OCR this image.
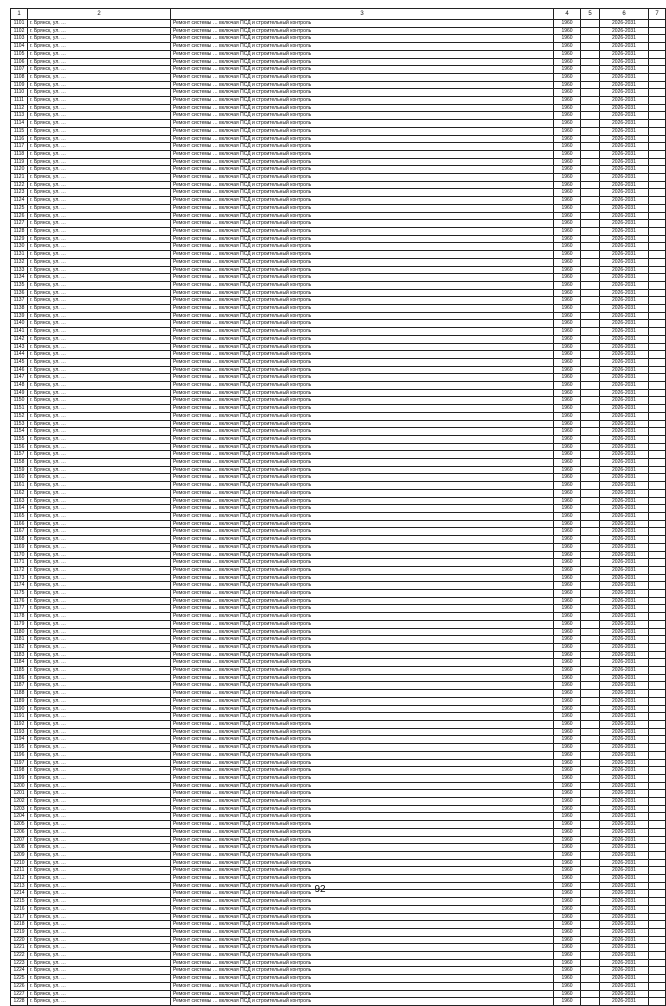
1	2	3	4	5	6	7
1101	г. Брянск, ул. …	Ремонт системы … включая ПСД и строительный контроль	1960		2026-2031	
1102	г. Брянск, ул. …	Ремонт системы … включая ПСД и строительный контроль	1960		2026-2031	
1103	г. Брянск, ул. …	Ремонт системы … включая ПСД и строительный контроль	1960		2026-2031	
1104	г. Брянск, ул. …	Ремонт системы … включая ПСД и строительный контроль	1960		2026-2031	
1105	г. Брянск, ул. …	Ремонт системы … включая ПСД и строительный контроль	1960		2026-2031	
1106	г. Брянск, ул. …	Ремонт системы … включая ПСД и строительный контроль	1960		2026-2031	
1107	г. Брянск, ул. …	Ремонт системы … включая ПСД и строительный контроль	1960		2026-2031	
1108	г. Брянск, ул. …	Ремонт системы … включая ПСД и строительный контроль	1960		2026-2031	
1109	г. Брянск, ул. …	Ремонт системы … включая ПСД и строительный контроль	1960		2026-2031	
1110	г. Брянск, ул. …	Ремонт системы … включая ПСД и строительный контроль	1960		2026-2031	
1111	г. Брянск, ул. …	Ремонт системы … включая ПСД и строительный контроль	1960		2026-2031	
1112	г. Брянск, ул. …	Ремонт системы … включая ПСД и строительный контроль	1960		2026-2031	
1113	г. Брянск, ул. …	Ремонт системы … включая ПСД и строительный контроль	1960		2026-2031	
1114	г. Брянск, ул. …	Ремонт системы … включая ПСД и строительный контроль	1960		2026-2031	
1115	г. Брянск, ул. …	Ремонт системы … включая ПСД и строительный контроль	1960		2026-2031	
1116	г. Брянск, ул. …	Ремонт системы … включая ПСД и строительный контроль	1960		2026-2031	
1117	г. Брянск, ул. …	Ремонт системы … включая ПСД и строительный контроль	1960		2026-2031	
1118	г. Брянск, ул. …	Ремонт системы … включая ПСД и строительный контроль	1960		2026-2031	
1119	г. Брянск, ул. …	Ремонт системы … включая ПСД и строительный контроль	1960		2026-2031	
1120	г. Брянск, ул. …	Ремонт системы … включая ПСД и строительный контроль	1960		2026-2031	
1121	г. Брянск, ул. …	Ремонт системы … включая ПСД и строительный контроль	1960		2026-2031	
1122	г. Брянск, ул. …	Ремонт системы … включая ПСД и строительный контроль	1960		2026-2031	
1123	г. Брянск, ул. …	Ремонт системы … включая ПСД и строительный контроль	1960		2026-2031	
1124	г. Брянск, ул. …	Ремонт системы … включая ПСД и строительный контроль	1960		2026-2031	
1125	г. Брянск, ул. …	Ремонт системы … включая ПСД и строительный контроль	1960		2026-2031	
1126	г. Брянск, ул. …	Ремонт системы … включая ПСД и строительный контроль	1960		2026-2031	
1127	г. Брянск, ул. …	Ремонт системы … включая ПСД и строительный контроль	1960		2026-2031	
1128	г. Брянск, ул. …	Ремонт системы … включая ПСД и строительный контроль	1960		2026-2031	
1129	г. Брянск, ул. …	Ремонт системы … включая ПСД и строительный контроль	1960		2026-2031	
1130	г. Брянск, ул. …	Ремонт системы … включая ПСД и строительный контроль	1960		2026-2031	
1131	г. Брянск, ул. …	Ремонт системы … включая ПСД и строительный контроль	1960		2026-2031	
1132	г. Брянск, ул. …	Ремонт системы … включая ПСД и строительный контроль	1960		2026-2031	
1133	г. Брянск, ул. …	Ремонт системы … включая ПСД и строительный контроль	1960		2026-2031	
1134	г. Брянск, ул. …	Ремонт системы … включая ПСД и строительный контроль	1960		2026-2031	
1135	г. Брянск, ул. …	Ремонт системы … включая ПСД и строительный контроль	1960		2026-2031	
1136	г. Брянск, ул. …	Ремонт системы … включая ПСД и строительный контроль	1960		2026-2031	
1137	г. Брянск, ул. …	Ремонт системы … включая ПСД и строительный контроль	1960		2026-2031	
1138	г. Брянск, ул. …	Ремонт системы … включая ПСД и строительный контроль	1960		2026-2031	
1139	г. Брянск, ул. …	Ремонт системы … включая ПСД и строительный контроль	1960		2026-2031	
1140	г. Брянск, ул. …	Ремонт системы … включая ПСД и строительный контроль	1960		2026-2031	
1141	г. Брянск, ул. …	Ремонт системы … включая ПСД и строительный контроль	1960		2026-2031	
1142	г. Брянск, ул. …	Ремонт системы … включая ПСД и строительный контроль	1960		2026-2031	
1143	г. Брянск, ул. …	Ремонт системы … включая ПСД и строительный контроль	1960		2026-2031	
1144	г. Брянск, ул. …	Ремонт системы … включая ПСД и строительный контроль	1960		2026-2031	
1145	г. Брянск, ул. …	Ремонт системы … включая ПСД и строительный контроль	1960		2026-2031	
1146	г. Брянск, ул. …	Ремонт системы … включая ПСД и строительный контроль	1960		2026-2031	
1147	г. Брянск, ул. …	Ремонт системы … включая ПСД и строительный контроль	1960		2026-2031	
1148	г. Брянск, ул. …	Ремонт системы … включая ПСД и строительный контроль	1960		2026-2031	
1149	г. Брянск, ул. …	Ремонт системы … включая ПСД и строительный контроль	1960		2026-2031	
1150	г. Брянск, ул. …	Ремонт системы … включая ПСД и строительный контроль	1960		2026-2031	
1151	г. Брянск, ул. …	Ремонт системы … включая ПСД и строительный контроль	1960		2026-2031	
1152	г. Брянск, ул. …	Ремонт системы … включая ПСД и строительный контроль	1960		2026-2031	
1153	г. Брянск, ул. …	Ремонт системы … включая ПСД и строительный контроль	1960		2026-2031	
1154	г. Брянск, ул. …	Ремонт системы … включая ПСД и строительный контроль	1960		2026-2031	
1155	г. Брянск, ул. …	Ремонт системы … включая ПСД и строительный контроль	1960		2026-2031	
1156	г. Брянск, ул. …	Ремонт системы … включая ПСД и строительный контроль	1960		2026-2031	
1157	г. Брянск, ул. …	Ремонт системы … включая ПСД и строительный контроль	1960		2026-2031	
1158	г. Брянск, ул. …	Ремонт системы … включая ПСД и строительный контроль	1960		2026-2031	
1159	г. Брянск, ул. …	Ремонт системы … включая ПСД и строительный контроль	1960		2026-2031	
1160	г. Брянск, ул. …	Ремонт системы … включая ПСД и строительный контроль	1960		2026-2031	
1161	г. Брянск, ул. …	Ремонт системы … включая ПСД и строительный контроль	1960		2026-2031	
1162	г. Брянск, ул. …	Ремонт системы … включая ПСД и строительный контроль	1960		2026-2031	
1163	г. Брянск, ул. …	Ремонт системы … включая ПСД и строительный контроль	1960		2026-2031	
1164	г. Брянск, ул. …	Ремонт системы … включая ПСД и строительный контроль	1960		2026-2031	
1165	г. Брянск, ул. …	Ремонт системы … включая ПСД и строительный контроль	1960		2026-2031	
1166	г. Брянск, ул. …	Ремонт системы … включая ПСД и строительный контроль	1960		2026-2031	
1167	г. Брянск, ул. …	Ремонт системы … включая ПСД и строительный контроль	1960		2026-2031	
1168	г. Брянск, ул. …	Ремонт системы … включая ПСД и строительный контроль	1960		2026-2031	
1169	г. Брянск, ул. …	Ремонт системы … включая ПСД и строительный контроль	1960		2026-2031	
1170	г. Брянск, ул. …	Ремонт системы … включая ПСД и строительный контроль	1960		2026-2031	
1171	г. Брянск, ул. …	Ремонт системы … включая ПСД и строительный контроль	1960		2026-2031	
1172	г. Брянск, ул. …	Ремонт системы … включая ПСД и строительный контроль	1960		2026-2031	
1173	г. Брянск, ул. …	Ремонт системы … включая ПСД и строительный контроль	1960		2026-2031	
1174	г. Брянск, ул. …	Ремонт системы … включая ПСД и строительный контроль	1960		2026-2031	
1175	г. Брянск, ул. …	Ремонт системы … включая ПСД и строительный контроль	1960		2026-2031	
1176	г. Брянск, ул. …	Ремонт системы … включая ПСД и строительный контроль	1960		2026-2031	
1177	г. Брянск, ул. …	Ремонт системы … включая ПСД и строительный контроль	1960		2026-2031	
1178	г. Брянск, ул. …	Ремонт системы … включая ПСД и строительный контроль	1960		2026-2031	
1179	г. Брянск, ул. …	Ремонт системы … включая ПСД и строительный контроль	1960		2026-2031	
1180	г. Брянск, ул. …	Ремонт системы … включая ПСД и строительный контроль	1960		2026-2031	
1181	г. Брянск, ул. …	Ремонт системы … включая ПСД и строительный контроль	1960		2026-2031	
1182	г. Брянск, ул. …	Ремонт системы … включая ПСД и строительный контроль	1960		2026-2031	
1183	г. Брянск, ул. …	Ремонт системы … включая ПСД и строительный контроль	1960		2026-2031	
1184	г. Брянск, ул. …	Ремонт системы … включая ПСД и строительный контроль	1960		2026-2031	
1185	г. Брянск, ул. …	Ремонт системы … включая ПСД и строительный контроль	1960		2026-2031	
1186	г. Брянск, ул. …	Ремонт системы … включая ПСД и строительный контроль	1960		2026-2031	
1187	г. Брянск, ул. …	Ремонт системы … включая ПСД и строительный контроль	1960		2026-2031	
1188	г. Брянск, ул. …	Ремонт системы … включая ПСД и строительный контроль	1960		2026-2031	
1189	г. Брянск, ул. …	Ремонт системы … включая ПСД и строительный контроль	1960		2026-2031	
1190	г. Брянск, ул. …	Ремонт системы … включая ПСД и строительный контроль	1960		2026-2031	
1191	г. Брянск, ул. …	Ремонт системы … включая ПСД и строительный контроль	1960		2026-2031	
1192	г. Брянск, ул. …	Ремонт системы … включая ПСД и строительный контроль	1960		2026-2031	
1193	г. Брянск, ул. …	Ремонт системы … включая ПСД и строительный контроль	1960		2026-2031	
1194	г. Брянск, ул. …	Ремонт системы … включая ПСД и строительный контроль	1960		2026-2031	
1195	г. Брянск, ул. …	Ремонт системы … включая ПСД и строительный контроль	1960		2026-2031	
1196	г. Брянск, ул. …	Ремонт системы … включая ПСД и строительный контроль	1960		2026-2031	
1197	г. Брянск, ул. …	Ремонт системы … включая ПСД и строительный контроль	1960		2026-2031	
1198	г. Брянск, ул. …	Ремонт системы … включая ПСД и строительный контроль	1960		2026-2031	
1199	г. Брянск, ул. …	Ремонт системы … включая ПСД и строительный контроль	1960		2026-2031	
1200	г. Брянск, ул. …	Ремонт системы … включая ПСД и строительный контроль	1960		2026-2031	
1201	г. Брянск, ул. …	Ремонт системы … включая ПСД и строительный контроль	1960		2026-2031	
1202	г. Брянск, ул. …	Ремонт системы … включая ПСД и строительный контроль	1960		2026-2031	
1203	г. Брянск, ул. …	Ремонт системы … включая ПСД и строительный контроль	1960		2026-2031	
1204	г. Брянск, ул. …	Ремонт системы … включая ПСД и строительный контроль	1960		2026-2031	
1205	г. Брянск, ул. …	Ремонт системы … включая ПСД и строительный контроль	1960		2026-2031	
1206	г. Брянск, ул. …	Ремонт системы … включая ПСД и строительный контроль	1960		2026-2031	
1207	г. Брянск, ул. …	Ремонт системы … включая ПСД и строительный контроль	1960		2026-2031	
1208	г. Брянск, ул. …	Ремонт системы … включая ПСД и строительный контроль	1960		2026-2031	
1209	г. Брянск, ул. …	Ремонт системы … включая ПСД и строительный контроль	1960		2026-2031	
1210	г. Брянск, ул. …	Ремонт системы … включая ПСД и строительный контроль	1960		2026-2031	
1211	г. Брянск, ул. …	Ремонт системы … включая ПСД и строительный контроль	1960		2026-2031	
1212	г. Брянск, ул. …	Ремонт системы … включая ПСД и строительный контроль	1960		2026-2031	
1213	г. Брянск, ул. …	Ремонт системы … включая ПСД и строительный контроль	1960		2026-2031	
1214	г. Брянск, ул. …	Ремонт системы … включая ПСД и строительный контроль	1960		2026-2031	
1215	г. Брянск, ул. …	Ремонт системы … включая ПСД и строительный контроль	1960		2026-2031	
1216	г. Брянск, ул. …	Ремонт системы … включая ПСД и строительный контроль	1960		2026-2031	
1217	г. Брянск, ул. …	Ремонт системы … включая ПСД и строительный контроль	1960		2026-2031	
1218	г. Брянск, ул. …	Ремонт системы … включая ПСД и строительный контроль	1960		2026-2031	
1219	г. Брянск, ул. …	Ремонт системы … включая ПСД и строительный контроль	1960		2026-2031	
1220	г. Брянск, ул. …	Ремонт системы … включая ПСД и строительный контроль	1960		2026-2031	
1221	г. Брянск, ул. …	Ремонт системы … включая ПСД и строительный контроль	1960		2026-2031	
1222	г. Брянск, ул. …	Ремонт системы … включая ПСД и строительный контроль	1960		2026-2031	
1223	г. Брянск, ул. …	Ремонт системы … включая ПСД и строительный контроль	1960		2026-2031	
1224	г. Брянск, ул. …	Ремонт системы … включая ПСД и строительный контроль	1960		2026-2031	
1225	г. Брянск, ул. …	Ремонт системы … включая ПСД и строительный контроль	1960		2026-2031	
1226	г. Брянск, ул. …	Ремонт системы … включая ПСД и строительный контроль	1960		2026-2031	
1227	г. Брянск, ул. …	Ремонт системы … включая ПСД и строительный контроль	1960		2026-2031	
1228	г. Брянск, ул. …	Ремонт системы … включая ПСД и строительный контроль	1960		2026-2031	
92
